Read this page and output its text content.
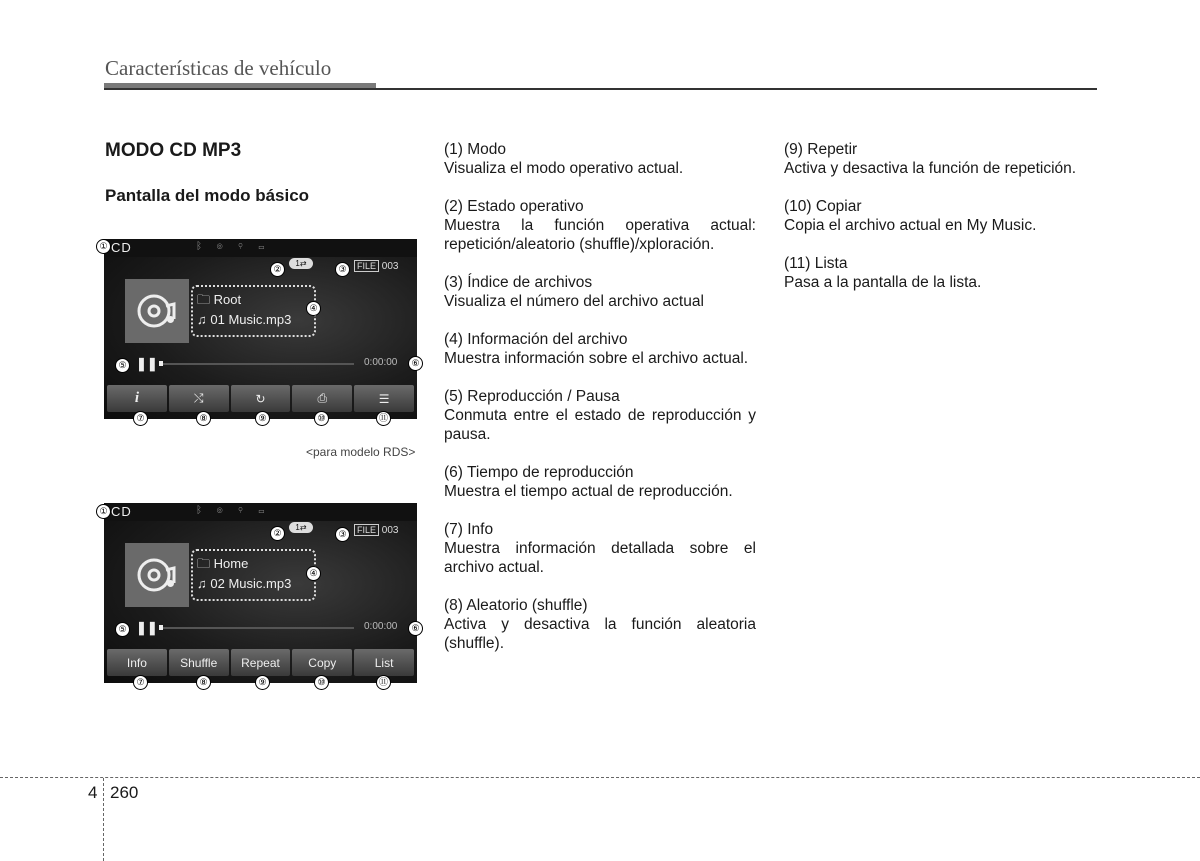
Características de vehículo
MODO CD MP3
Pantalla del modo básico
CD	ᛒ ◎ ⚲ ▭
1⇄	FILE 003
🗀 Root
♫ 01 Music.mp3
❚❚	0:00:00
i	⤭	↻	⎙	☰
①
②	③
④
⑤	⑥
⑦	⑧	⑨	⑩	⑪
<para modelo RDS>
CD	ᛒ ◎ ⚲ ▭
1⇄	FILE 003
🗀 Home
♫ 02 Music.mp3
❚❚	0:00:00
Info	Shuffle	Repeat	Copy	List
①
②	③
④
⑤	⑥
⑦	⑧	⑨	⑩	⑪
(1) Modo
Visualiza el modo operativo actual.
(2) Estado operativo
Muestra la función operativa actual: repetición/aleatorio (shuffle)/xploración.
(3) Índice de archivos
Visualiza el número del archivo actual
(4) Información del archivo
Muestra información sobre el archivo actual.
(5) Reproducción / Pausa
Conmuta entre el estado de reproducción y pausa.
(6) Tiempo de reproducción
Muestra el tiempo actual de reproducción.
(7) Info
Muestra información detallada sobre el archivo actual.
(8) Aleatorio (shuffle)
Activa y desactiva la función aleatoria (shuffle).
(9) Repetir
Activa y desactiva la función de repetición.
(10) Copiar
Copia el archivo actual en My Music.
(11) Lista
Pasa a la pantalla de la lista.
4 260
